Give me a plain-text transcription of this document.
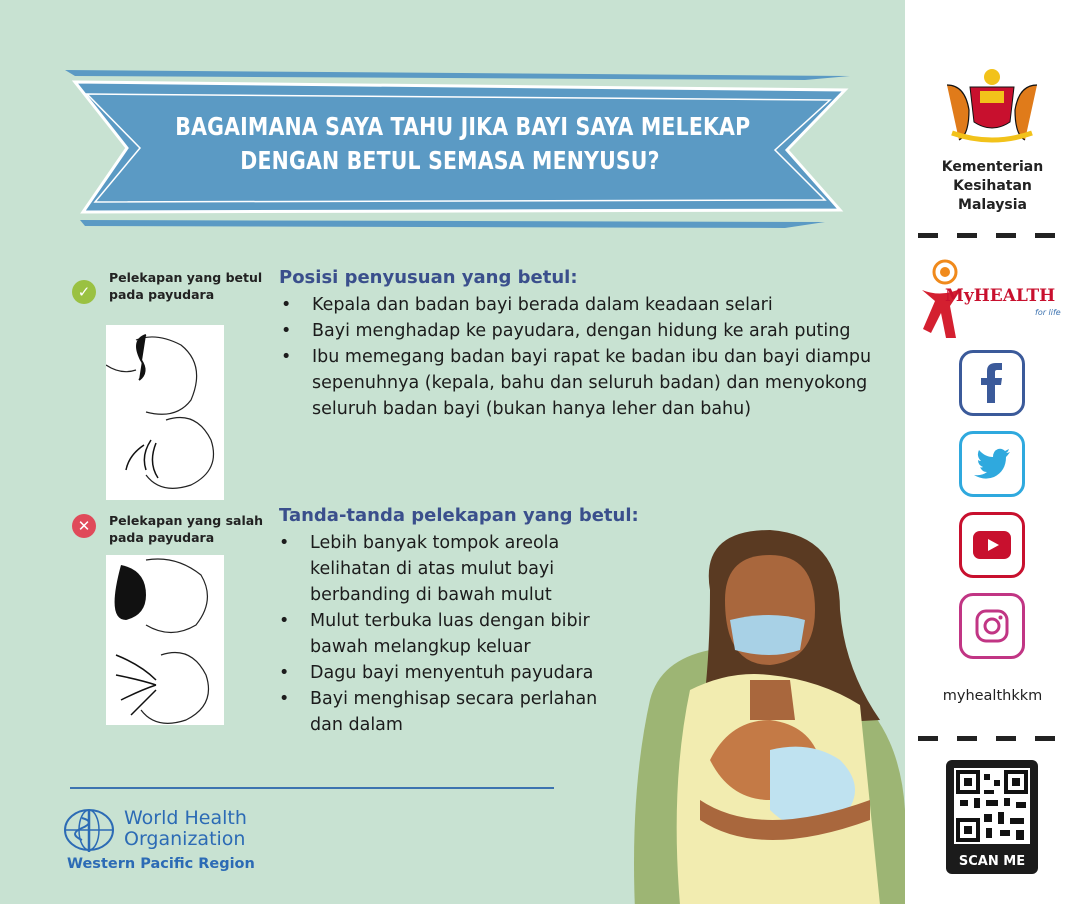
BAGAIMANA SAYA TAHU JIKA BAYI SAYA MELEKAP
DENGAN BETUL SEMASA MENYUSU?
✓
Pelekapan yang betul
pada payudara
✕	Pelekapan yang salah
pada payudara
Posisi penyusuan yang betul:
• Kepala dan badan bayi berada dalam keadaan selari
• Bayi menghadap ke payudara, dengan hidung ke arah puting
• Ibu memegang badan bayi rapat ke badan ibu dan bayi diampu sepenuhnya (kepala, bahu dan seluruh badan) dan menyokong seluruh badan bayi (bukan hanya leher dan bahu)
Tanda-tanda pelekapan yang betul:
• Lebih banyak tompok areola kelihatan di atas mulut bayi berbanding di bawah mulut
• Mulut terbuka luas dengan bibir bawah melangkup keluar
• Dagu bayi menyentuh payudara
• Bayi menghisap secara perlahan dan dalam
World Health
Organization
Western Pacific Region
Kementerian
Kesihatan
Malaysia
MyHEALTH
for life
myhealthkkm
SCAN ME
